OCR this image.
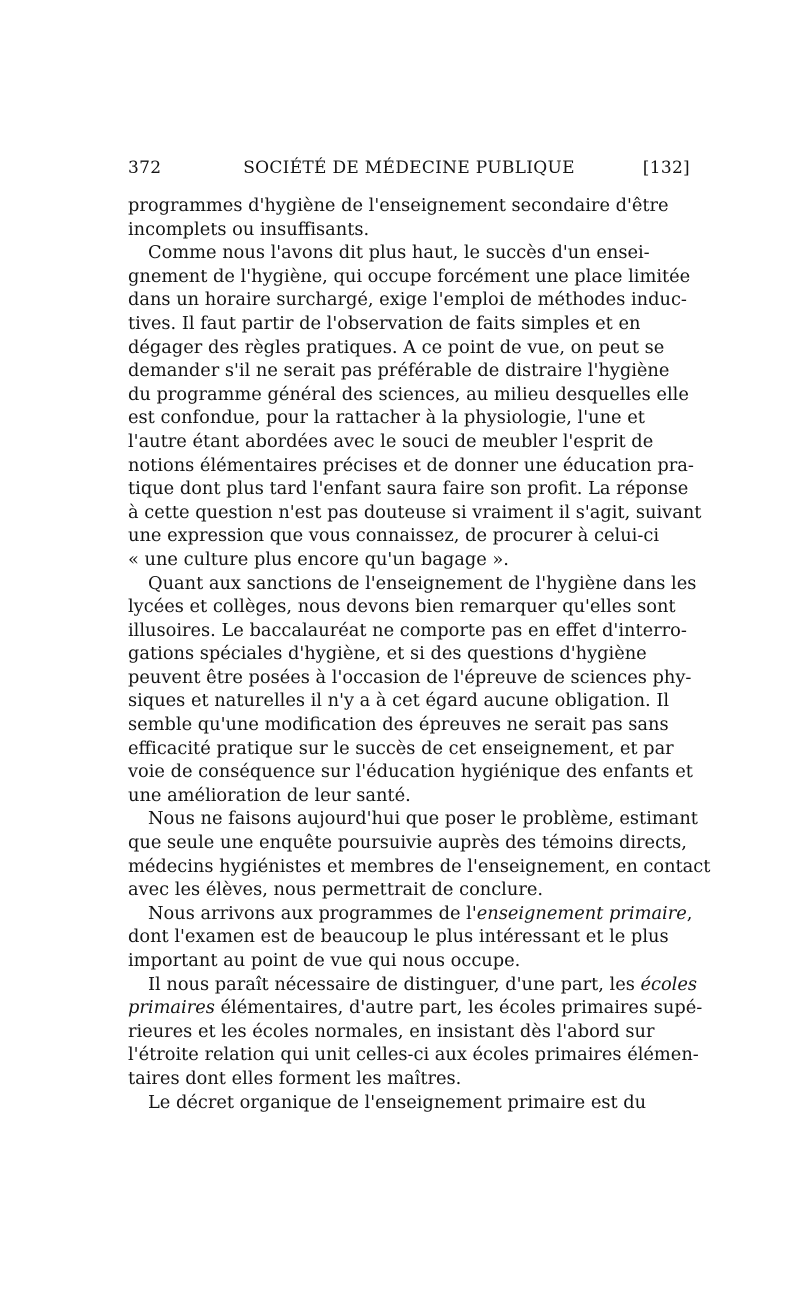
372	SOCIÉTÉ DE MÉDECINE PUBLIQUE	[132]
programmes d'hygiène de l'enseignement secondaire d'être
incomplets ou insuffisants.
Comme nous l'avons dit plus haut, le succès d'un ensei-
gnement de l'hygiène, qui occupe forcément une place limitée
dans un horaire surchargé, exige l'emploi de méthodes induc-
tives. Il faut partir de l'observation de faits simples et en
dégager des règles pratiques. A ce point de vue, on peut se
demander s'il ne serait pas préférable de distraire l'hygiène
du programme général des sciences, au milieu desquelles elle
est confondue, pour la rattacher à la physiologie, l'une et
l'autre étant abordées avec le souci de meubler l'esprit de
notions élémentaires précises et de donner une éducation pra-
tique dont plus tard l'enfant saura faire son profit. La réponse
à cette question n'est pas douteuse si vraiment il s'agit, suivant
une expression que vous connaissez, de procurer à celui-ci
« une culture plus encore qu'un bagage ».
Quant aux sanctions de l'enseignement de l'hygiène dans les
lycées et collèges, nous devons bien remarquer qu'elles sont
illusoires. Le baccalauréat ne comporte pas en effet d'interro-
gations spéciales d'hygiène, et si des questions d'hygiène
peuvent être posées à l'occasion de l'épreuve de sciences phy-
siques et naturelles il n'y a à cet égard aucune obligation. Il
semble qu'une modification des épreuves ne serait pas sans
efficacité pratique sur le succès de cet enseignement, et par
voie de conséquence sur l'éducation hygiénique des enfants et
une amélioration de leur santé.
Nous ne faisons aujourd'hui que poser le problème, estimant
que seule une enquête poursuivie auprès des témoins directs,
médecins hygiénistes et membres de l'enseignement, en contact
avec les élèves, nous permettrait de conclure.
Nous arrivons aux programmes de l'enseignement primaire,
dont l'examen est de beaucoup le plus intéressant et le plus
important au point de vue qui nous occupe.
Il nous paraît nécessaire de distinguer, d'une part, les écoles
primaires élémentaires, d'autre part, les écoles primaires supé-
rieures et les écoles normales, en insistant dès l'abord sur
l'étroite relation qui unit celles-ci aux écoles primaires élémen-
taires dont elles forment les maîtres.
Le décret organique de l'enseignement primaire est du
